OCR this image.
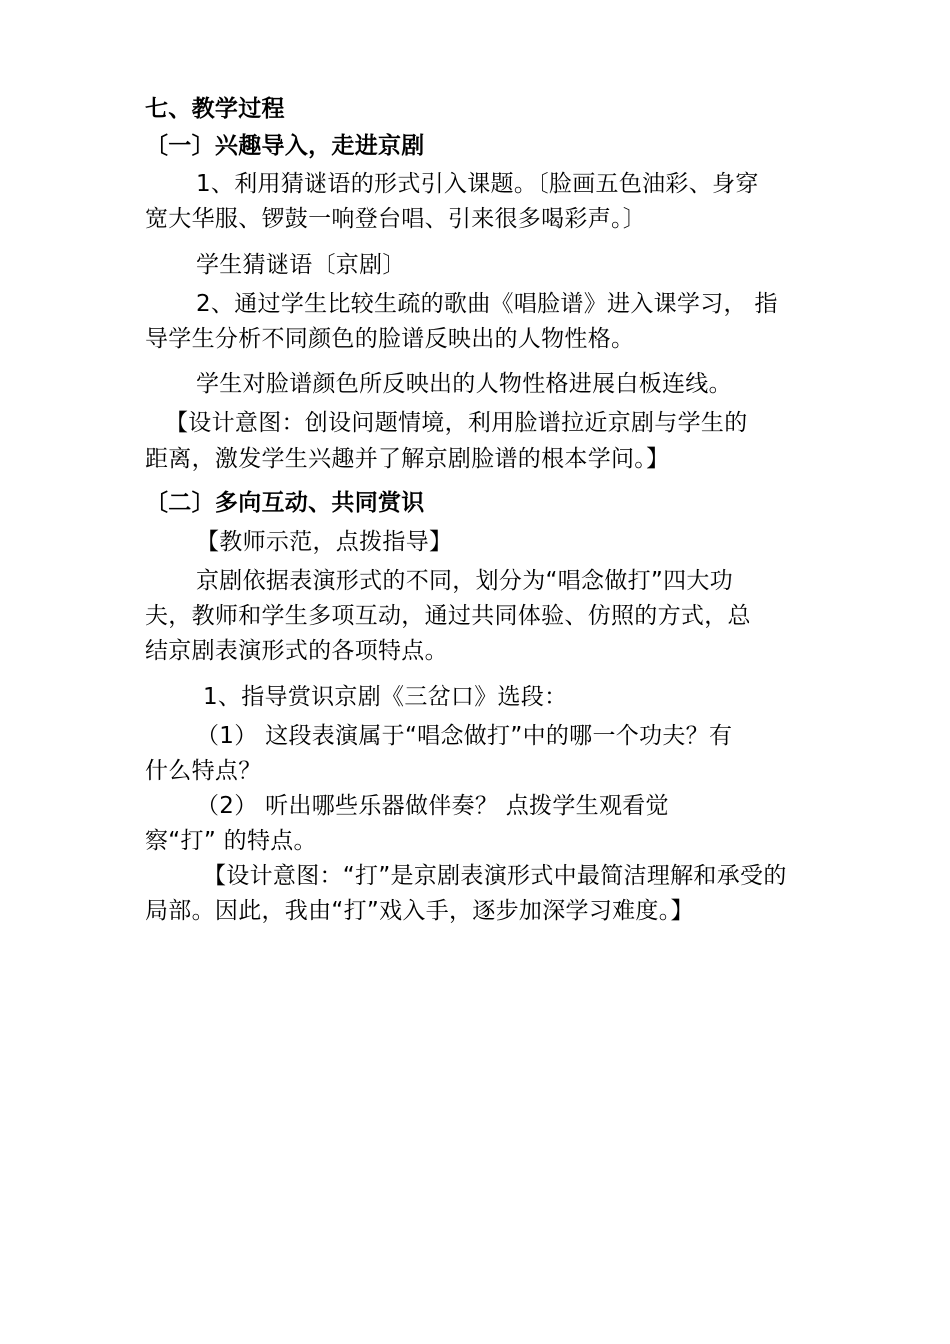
七、教学过程
〔一〕兴趣导入，走进京剧
1、利用猜谜语的形式引入课题。〔脸画五色油彩、身穿
宽大华服、锣鼓一响登台唱、引来很多喝彩声。〕
学生猜谜语〔京剧〕
2、通过学生比较生疏的歌曲《唱脸谱》进入课学习， 指
导学生分析不同颜色的脸谱反映出的人物性格。
学生对脸谱颜色所反映出的人物性格进展白板连线。
【设计意图：创设问题情境，利用脸谱拉近京剧与学生的
距离，激发学生兴趣并了解京剧脸谱的根本学问。】
〔二〕多向互动、共同赏识
【教师示范，点拨指导】
京剧依据表演形式的不同，划分为“唱念做打”四大功
夫，教师和学生多项互动，通过共同体验、仿照的方式，总
结京剧表演形式的各项特点。
1、指导赏识京剧《三岔口》选段：
（1） 这段表演属于“唱念做打”中的哪一个功夫？有
什么特点？
（2） 听出哪些乐器做伴奏？ 点拨学生观看觉
察“打” 的特点。
【设计意图：“打”是京剧表演形式中最简洁理解和承受的
局部。因此，我由“打”戏入手，逐步加深学习难度。】
